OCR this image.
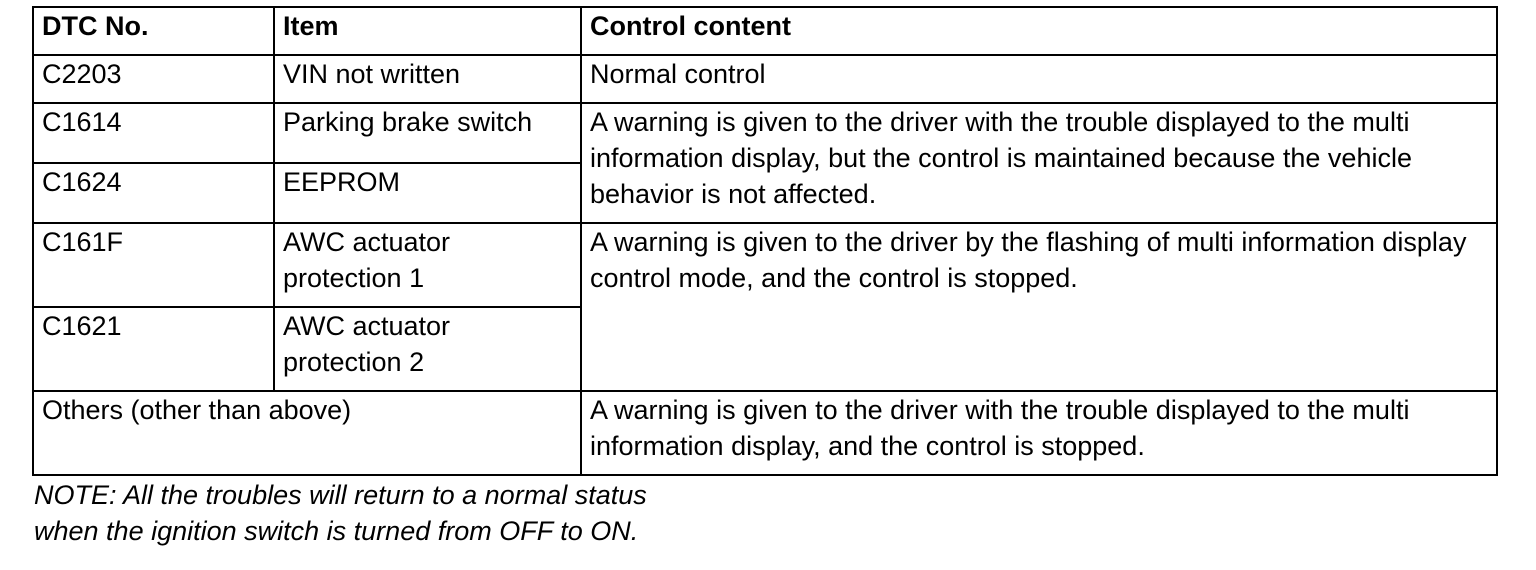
DTC No.	Item	Control content
C2203	VIN not written	Normal control
C1614	Parking brake switch	A warning is given to the driver with the trouble displayed to the multi information display, but the control is maintained because the vehicle behavior is not affected.
C1624	EEPROM	
C161F	AWC actuator protection 1	A warning is given to the driver by the flashing of multi information display control mode, and the control is stopped.
C1621	AWC actuator protection 2	
Others (other than above)		A warning is given to the driver with the trouble displayed to the multi information display, and the control is stopped.

NOTE: All the troubles will return to a normal status
when the ignition switch is turned from OFF to ON.
